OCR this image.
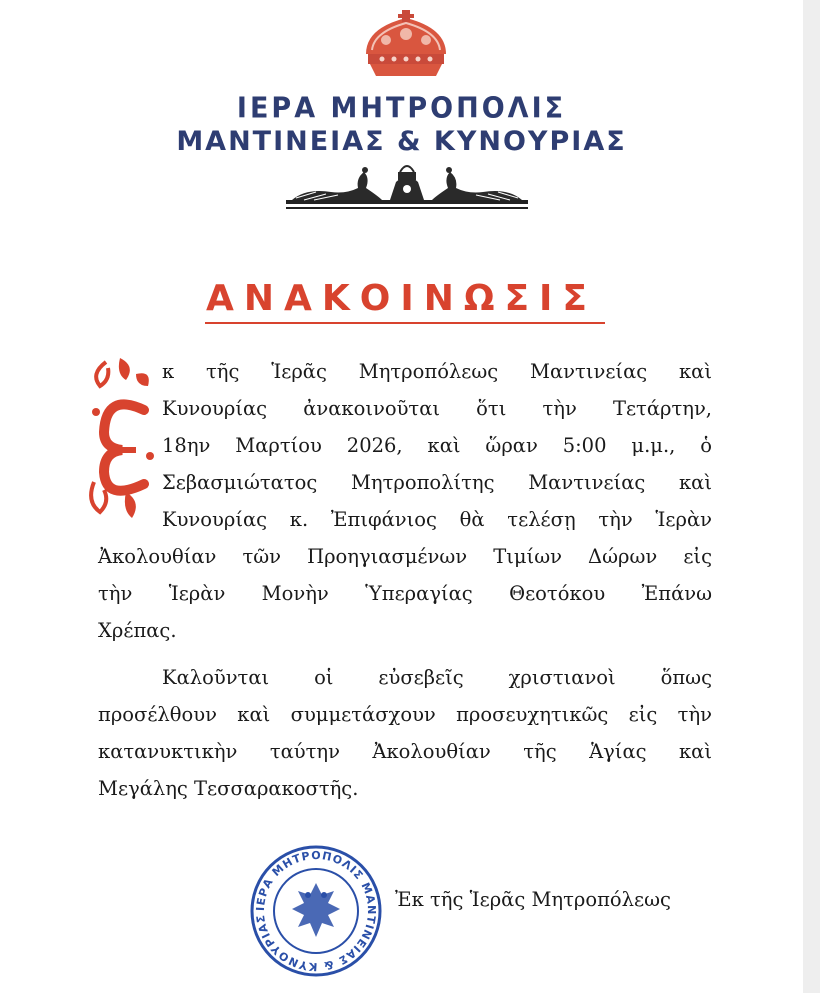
ΙΕΡΑ ΜΗΤΡΟΠΟΛΙΣ
ΜΑΝΤΙΝΕΙΑΣ & ΚΥΝΟΥΡΙΑΣ
ΑΝΑΚΟΙΝΩΣΙΣ
κ τῆς Ἱερᾶς Μητροπόλεως Μαντινείας καὶ
Κυνουρίας ἀνακοινοῦται ὅτι τὴν Τετάρτην,
18ην Μαρτίου 2026, καὶ ὥραν 5:00 μ.μ., ὁ
Σεβασμιώτατος Μητροπολίτης Μαντινείας καὶ
Κυνουρίας κ. Ἐπιφάνιος θὰ τελέσῃ τὴν Ἱερὰν
Ἀκολουθίαν τῶν Προηγιασμένων Τιμίων Δώρων εἰς
τὴν Ἱερὰν Μονὴν Ὑπεραγίας Θεοτόκου Ἐπάνω
Χρέπας.
Καλοῦνται οἱ εὐσεβεῖς χριστιανοὶ ὅπως
προσέλθουν καὶ συμμετάσχουν προσευχητικῶς εἰς τὴν
κατανυκτικὴν ταύτην Ἀκολουθίαν τῆς Ἁγίας καὶ
Μεγάλης Τεσσαρακοστῆς.
ΙΕΡΑ ΜΗΤΡΟΠΟΛΙΣ ΜΑΝΤΙΝΕΙΑΣ & ΚΥΝΟΥΡΙΑΣ
Ἐκ τῆς Ἱερᾶς Μητροπόλεως
